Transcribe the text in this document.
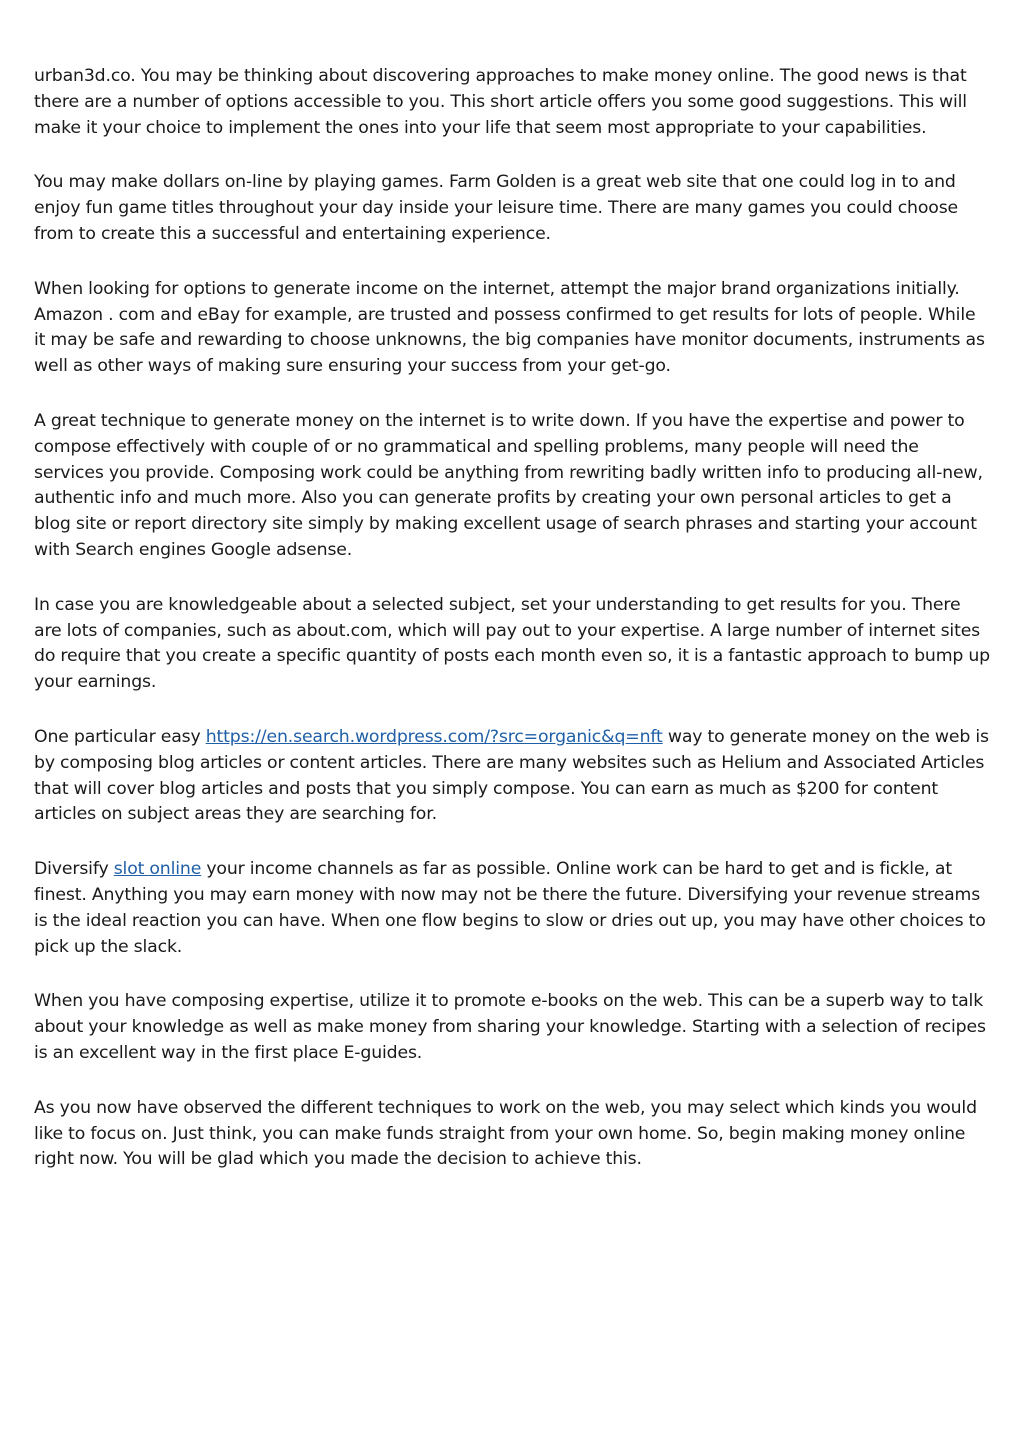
urban3d.co. You may be thinking about discovering approaches to make money online. The good news is that there are a number of options accessible to you. This short article offers you some good suggestions. This will make it your choice to implement the ones into your life that seem most appropriate to your capabilities.

You may make dollars on-line by playing games. Farm Golden is a great web site that one could log in to and enjoy fun game titles throughout your day inside your leisure time. There are many games you could choose from to create this a successful and entertaining experience.

When looking for options to generate income on the internet, attempt the major brand organizations initially. Amazon . com and eBay for example, are trusted and possess confirmed to get results for lots of people. While it may be safe and rewarding to choose unknowns, the big companies have monitor documents, instruments as well as other ways of making sure ensuring your success from your get-go.

A great technique to generate money on the internet is to write down. If you have the expertise and power to compose effectively with couple of or no grammatical and spelling problems, many people will need the services you provide. Composing work could be anything from rewriting badly written info to producing all-new, authentic info and much more. Also you can generate profits by creating your own personal articles to get a blog site or report directory site simply by making excellent usage of search phrases and starting your account with Search engines Google adsense.

In case you are knowledgeable about a selected subject, set your understanding to get results for you. There are lots of companies, such as about.com, which will pay out to your expertise. A large number of internet sites do require that you create a specific quantity of posts each month even so, it is a fantastic approach to bump up your earnings.

One particular easy https://en.search.wordpress.com/?src=organic&q=nft way to generate money on the web is by composing blog articles or content articles. There are many websites such as Helium and Associated Articles that will cover blog articles and posts that you simply compose. You can earn as much as $200 for content articles on subject areas they are searching for.

Diversify slot online your income channels as far as possible. Online work can be hard to get and is fickle, at finest. Anything you may earn money with now may not be there the future. Diversifying your revenue streams is the ideal reaction you can have. When one flow begins to slow or dries out up, you may have other choices to pick up the slack.

When you have composing expertise, utilize it to promote e-books on the web. This can be a superb way to talk about your knowledge as well as make money from sharing your knowledge. Starting with a selection of recipes is an excellent way in the first place E-guides.

As you now have observed the different techniques to work on the web, you may select which kinds you would like to focus on. Just think, you can make funds straight from your own home. So, begin making money online right now. You will be glad which you made the decision to achieve this.
